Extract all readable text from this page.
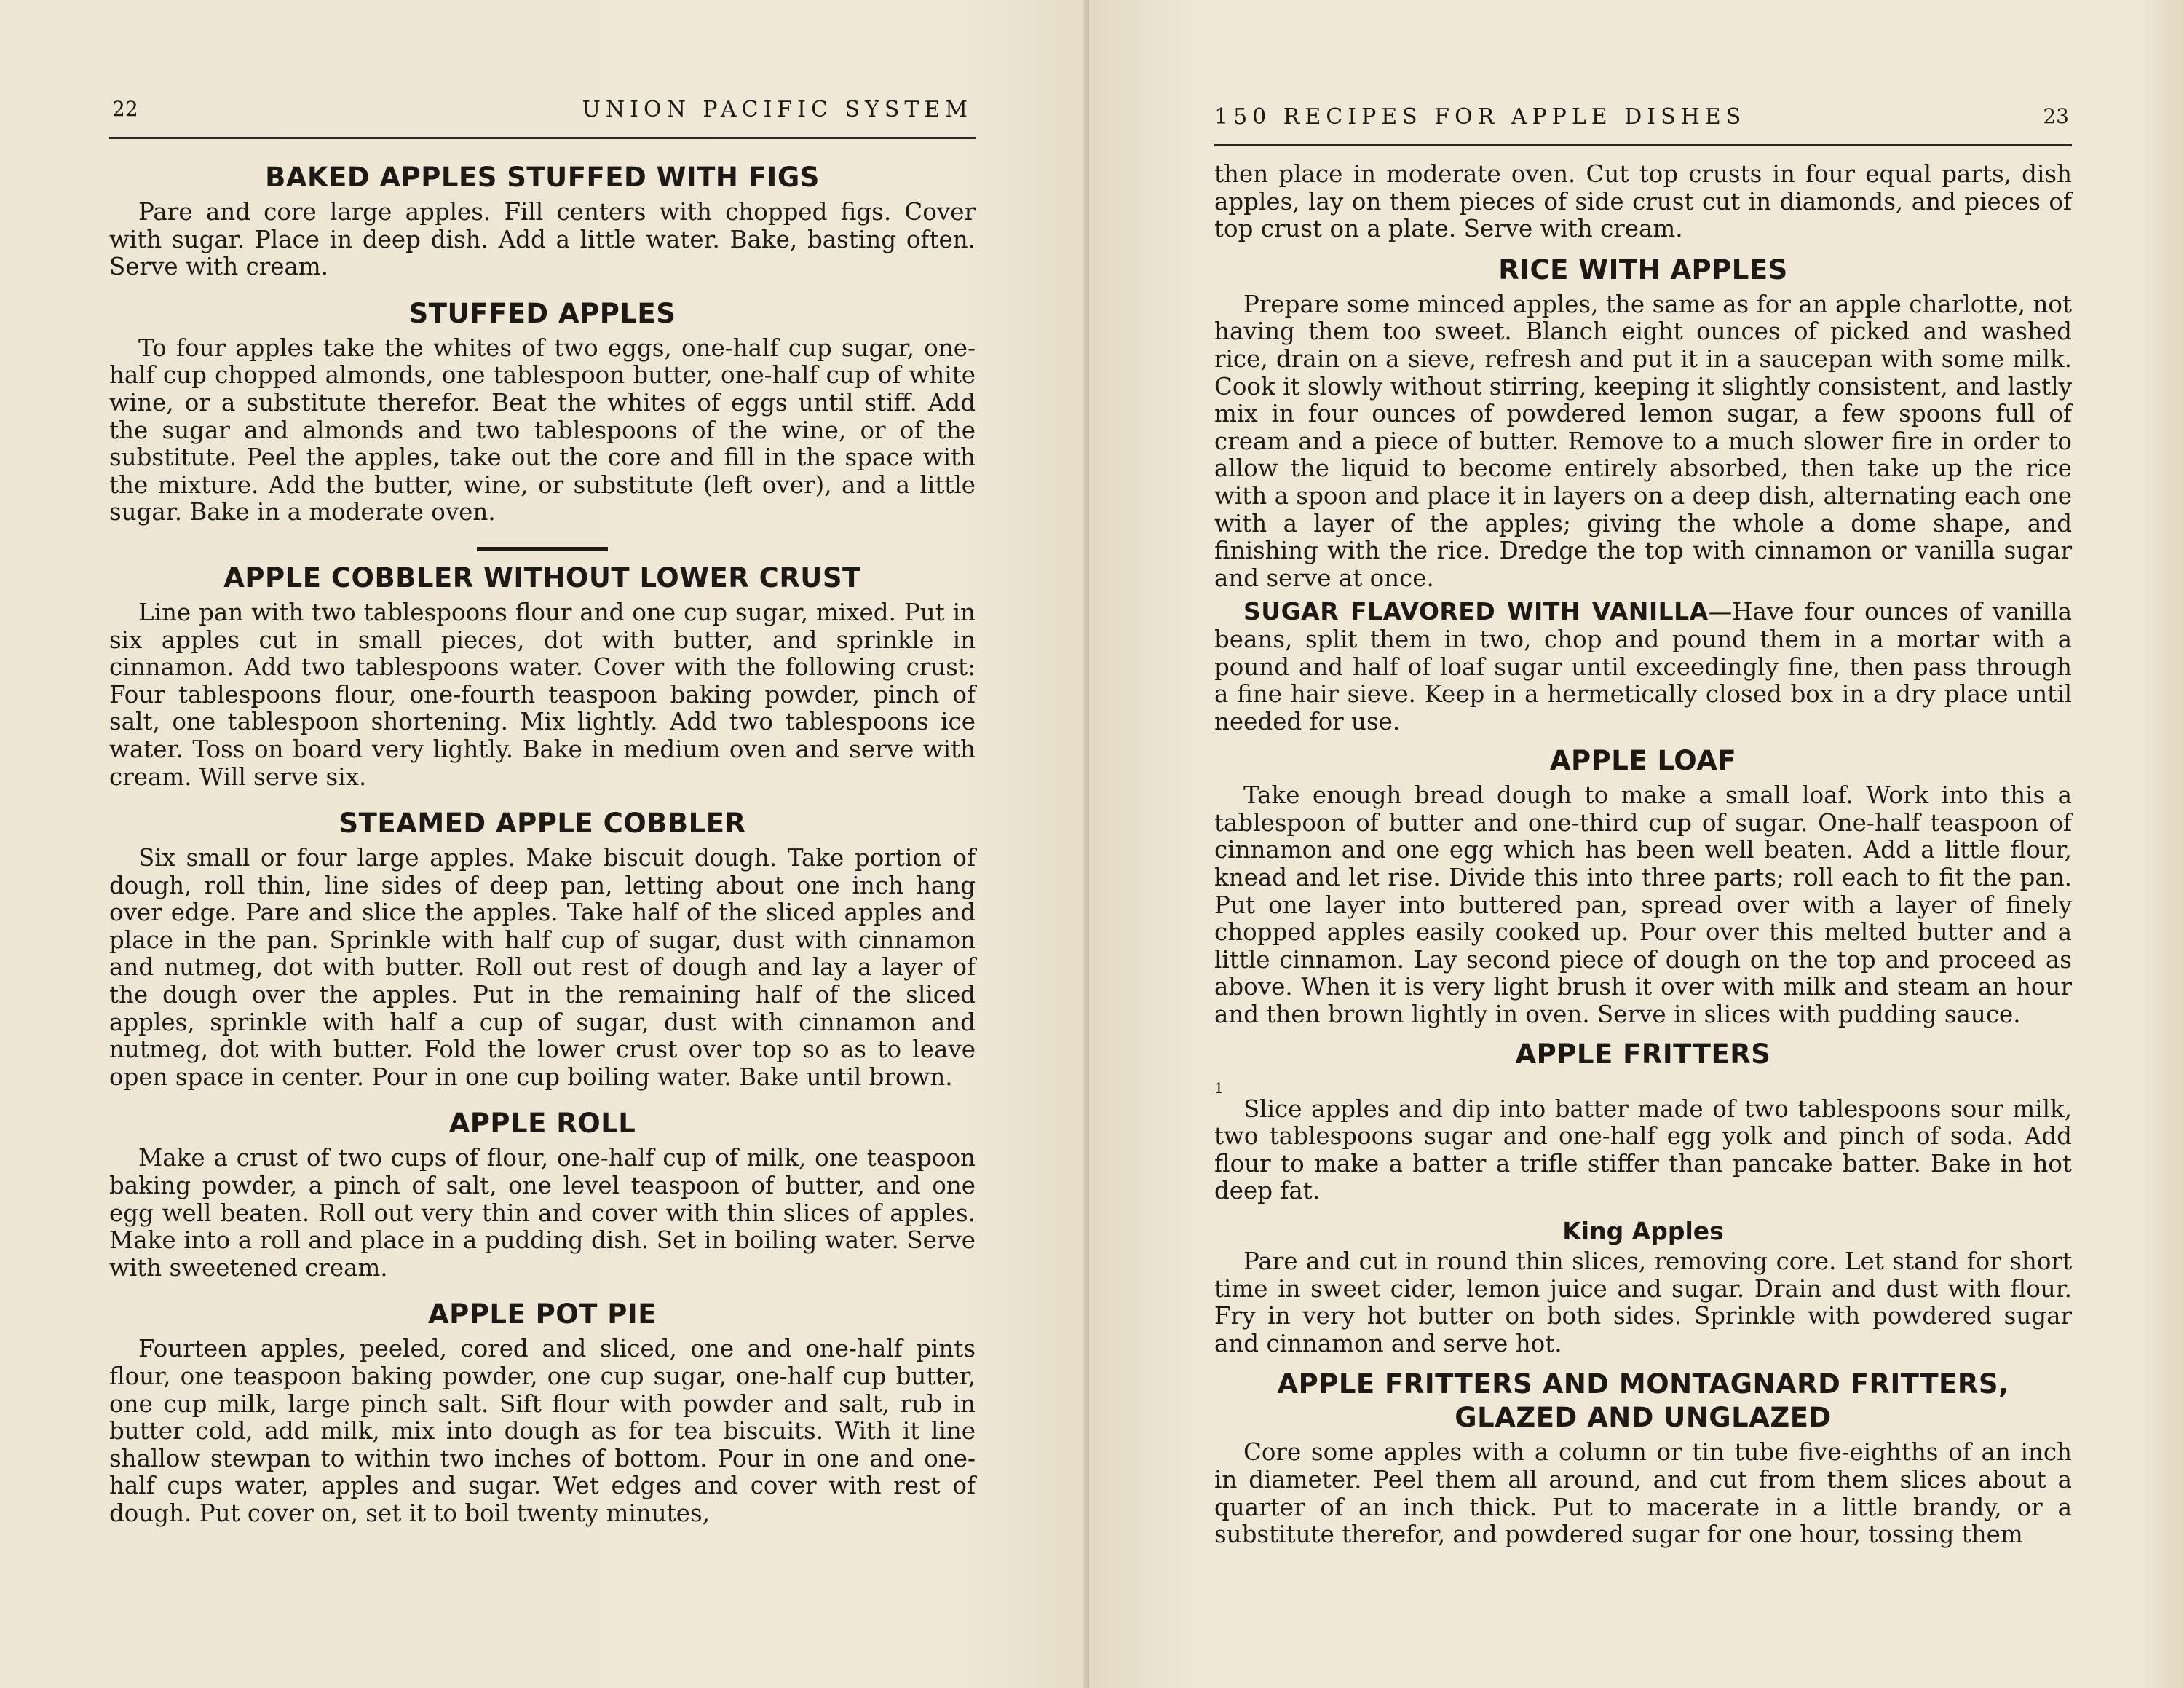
22	UNION PACIFIC SYSTEM
BAKED APPLES STUFFED WITH FIGS

Pare and core large apples. Fill centers with chopped figs. Cover with sugar. Place in deep dish. Add a little water. Bake, basting often. Serve with cream.

STUFFED APPLES

To four apples take the whites of two eggs, one-half cup sugar, one-half cup chopped almonds, one tablespoon butter, one-half cup of white wine, or a substitute therefor. Beat the whites of eggs until stiff. Add the sugar and almonds and two tablespoons of the wine, or of the substitute. Peel the apples, take out the core and fill in the space with the mixture. Add the butter, wine, or substitute (left over), and a little sugar. Bake in a moderate oven.

APPLE COBBLER WITHOUT LOWER CRUST

Line pan with two tablespoons flour and one cup sugar, mixed. Put in six apples cut in small pieces, dot with butter, and sprinkle in cinnamon. Add two tablespoons water. Cover with the following crust: Four tablespoons flour, one-fourth teaspoon baking powder, pinch of salt, one tablespoon shortening. Mix lightly. Add two tablespoons ice water. Toss on board very lightly. Bake in medium oven and serve with cream. Will serve six.

STEAMED APPLE COBBLER

Six small or four large apples. Make biscuit dough. Take portion of dough, roll thin, line sides of deep pan, letting about one inch hang over edge. Pare and slice the apples. Take half of the sliced apples and place in the pan. Sprinkle with half cup of sugar, dust with cinnamon and nutmeg, dot with butter. Roll out rest of dough and lay a layer of the dough over the apples. Put in the remaining half of the sliced apples, sprinkle with half a cup of sugar, dust with cinnamon and nutmeg, dot with butter. Fold the lower crust over top so as to leave open space in center. Pour in one cup boiling water. Bake until brown.

APPLE ROLL

Make a crust of two cups of flour, one-half cup of milk, one teaspoon baking powder, a pinch of salt, one level teaspoon of butter, and one egg well beaten. Roll out very thin and cover with thin slices of apples. Make into a roll and place in a pudding dish. Set in boiling water. Serve with sweetened cream.

APPLE POT PIE

Fourteen apples, peeled, cored and sliced, one and one-half pints flour, one teaspoon baking powder, one cup sugar, one-half cup butter, one cup milk, large pinch salt. Sift flour with powder and salt, rub in butter cold, add milk, mix into dough as for tea biscuits. With it line shallow stewpan to within two inches of bottom. Pour in one and one-half cups water, apples and sugar. Wet edges and cover with rest of dough. Put cover on, set it to boil twenty minutes,

150 RECIPES FOR APPLE DISHES	23

then place in moderate oven. Cut top crusts in four equal parts, dish apples, lay on them pieces of side crust cut in diamonds, and pieces of top crust on a plate. Serve with cream.

RICE WITH APPLES

Prepare some minced apples, the same as for an apple charlotte, not having them too sweet. Blanch eight ounces of picked and washed rice, drain on a sieve, refresh and put it in a saucepan with some milk. Cook it slowly without stirring, keeping it slightly consistent, and lastly mix in four ounces of powdered lemon sugar, a few spoons full of cream and a piece of butter. Remove to a much slower fire in order to allow the liquid to become entirely absorbed, then take up the rice with a spoon and place it in layers on a deep dish, alternating each one with a layer of the apples; giving the whole a dome shape, and finishing with the rice. Dredge the top with cinnamon or vanilla sugar and serve at once.

SUGAR FLAVORED WITH VANILLA—Have four ounces of vanilla beans, split them in two, chop and pound them in a mortar with a pound and half of loaf sugar until exceedingly fine, then pass through a fine hair sieve. Keep in a hermetically closed box in a dry place until needed for use.

APPLE LOAF

Take enough bread dough to make a small loaf. Work into this a tablespoon of butter and one-third cup of sugar. One-half teaspoon of cinnamon and one egg which has been well beaten. Add a little flour, knead and let rise. Divide this into three parts; roll each to fit the pan. Put one layer into buttered pan, spread over with a layer of finely chopped apples easily cooked up. Pour over this melted butter and a little cinnamon. Lay second piece of dough on the top and proceed as above. When it is very light brush it over with milk and steam an hour and then brown lightly in oven. Serve in slices with pudding sauce.

APPLE FRITTERS
1

Slice apples and dip into batter made of two tablespoons sour milk, two tablespoons sugar and one-half egg yolk and pinch of soda. Add flour to make a batter a trifle stiffer than pancake batter. Bake in hot deep fat.

King Apples

Pare and cut in round thin slices, removing core. Let stand for short time in sweet cider, lemon juice and sugar. Drain and dust with flour. Fry in very hot butter on both sides. Sprinkle with powdered sugar and cinnamon and serve hot.

APPLE FRITTERS AND MONTAGNARD FRITTERS,
GLAZED AND UNGLAZED

Core some apples with a column or tin tube five-eighths of an inch in diameter. Peel them all around, and cut from them slices about a quarter of an inch thick. Put to macerate in a little brandy, or a substitute therefor, and powdered sugar for one hour, tossing them
